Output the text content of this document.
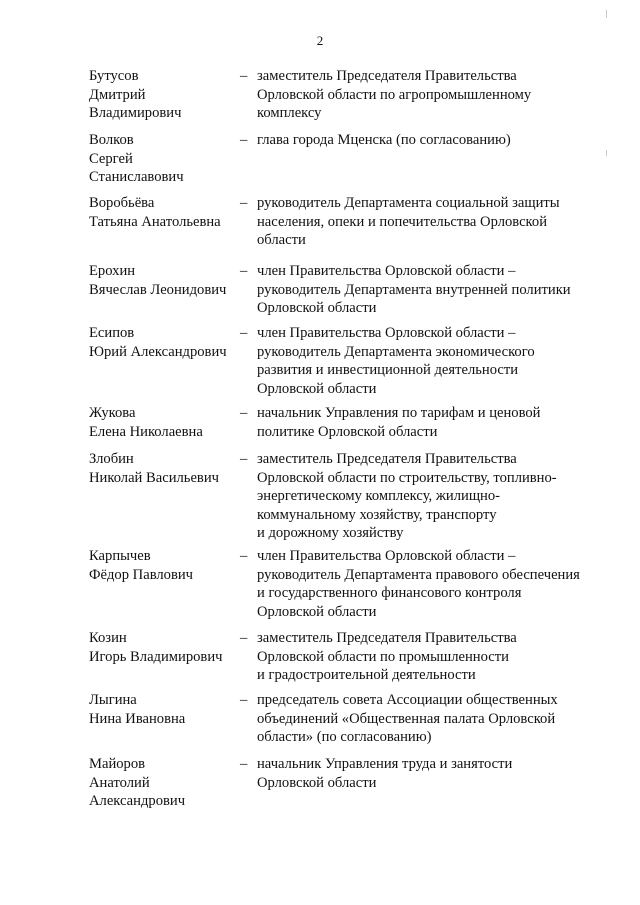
2
Бутусов
Дмитрий
Владимирович
– заместитель Председателя Правительства
Орловской области по агропромышленному
комплексу
Волков
Сергей
Станиславович
– глава города Мценска (по согласованию)
Воробьёва
Татьяна Анатольевна
– руководитель Департамента социальной защиты
населения, опеки и попечительства Орловской
области
Ерохин
Вячеслав Леонидович
– член Правительства Орловской области –
руководитель Департамента внутренней политики
Орловской области
Есипов
Юрий Александрович
– член Правительства Орловской области –
руководитель Департамента экономического
развития и инвестиционной деятельности
Орловской области
Жукова
Елена Николаевна
– начальник Управления по тарифам и ценовой
политике Орловской области
Злобин
Николай Васильевич
– заместитель Председателя Правительства
Орловской области по строительству, топливно-
энергетическому комплексу, жилищно-
коммунальному хозяйству, транспорту
и дорожному хозяйству
Карпычев
Фёдор Павлович
– член Правительства Орловской области –
руководитель Департамента правового обеспечения
и государственного финансового контроля
Орловской области
Козин
Игорь Владимирович
– заместитель Председателя Правительства
Орловской области по промышленности
и градостроительной деятельности
Лыгина
Нина Ивановна
– председатель совета Ассоциации общественных
объединений «Общественная палата Орловской
области» (по согласованию)
Майоров
Анатолий
Александрович
– начальник Управления труда и занятости
Орловской области
